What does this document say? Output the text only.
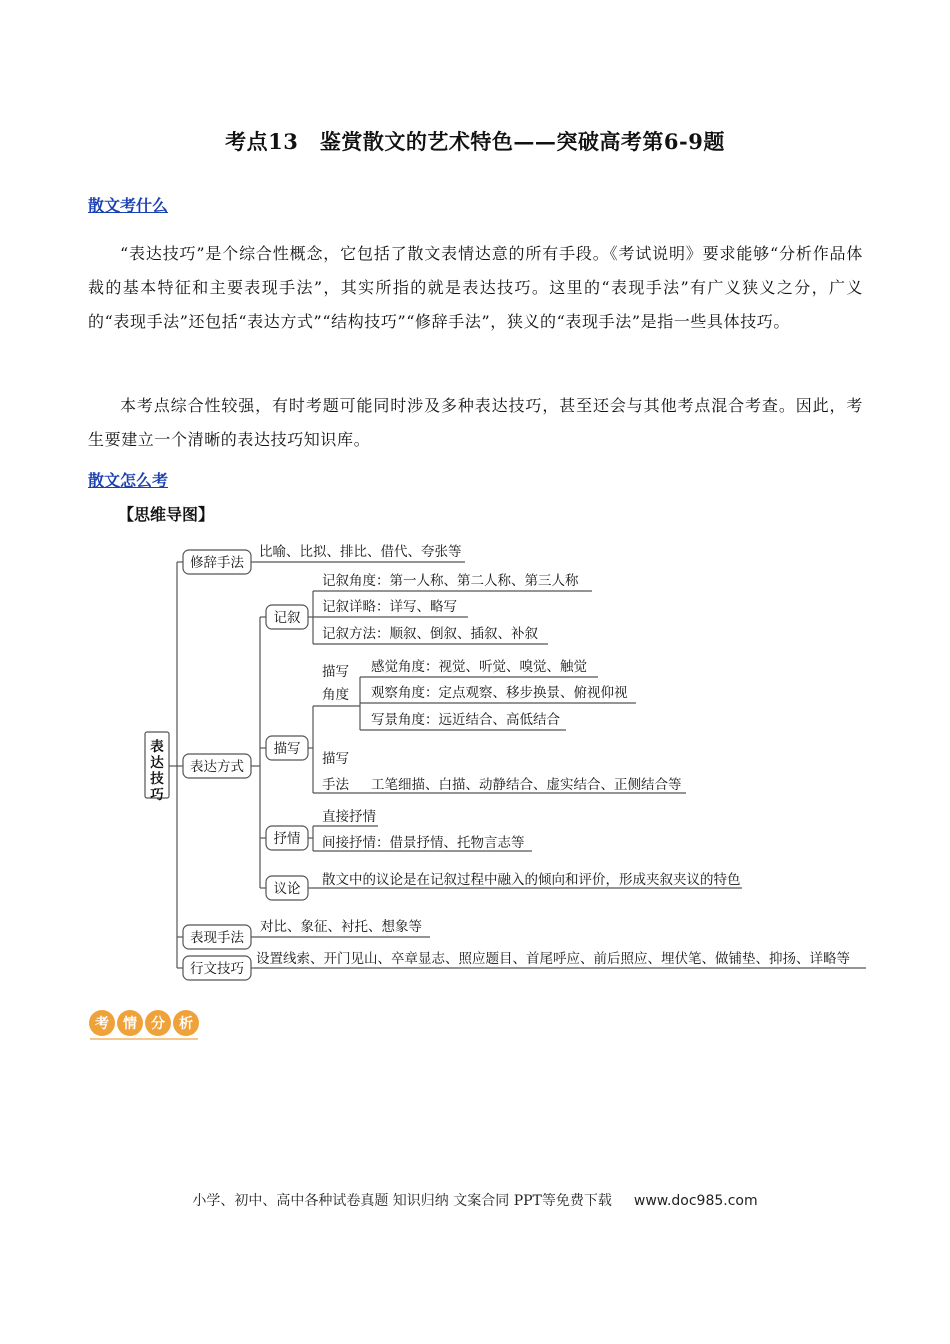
考点13　鉴赏散文的艺术特色——突破高考第6-9题
散文考什么
“表达技巧”是个综合性概念，它包括了散文表情达意的所有手段。《考试说明》要求能够“分析作品体裁的基本特征和主要表现手法”，其实所指的就是表达技巧。这里的“表现手法”有广义狭义之分，广义的“表现手法”还包括“表达方式”“结构技巧”“修辞手法”，狭义的“表现手法”是指一些具体技巧。
本考点综合性较强，有时考题可能同时涉及多种表达技巧，甚至还会与其他考点混合考查。因此，考生要建立一个清晰的表达技巧知识库。
散文怎么考
【思维导图】
表
达
技
巧
修辞手法
表达方式
表现手法
行文技巧
比喻、比拟、排比、借代、夸张等
记叙
描写
抒情
议论
记叙角度：第一人称、第二人称、第三人称
记叙详略：详写、略写
记叙方法：顺叙、倒叙、插叙、补叙
描写
角度
感觉角度：视觉、听觉、嗅觉、触觉
观察角度：定点观察、移步换景、俯视仰视
写景角度：远近结合、高低结合
描写
手法 工笔细描、白描、动静结合、虚实结合、正侧结合等
直接抒情
间接抒情：借景抒情、托物言志等
散文中的议论是在记叙过程中融入的倾向和评价，形成夹叙夹议的特色
对比、象征、衬托、想象等
设置线索、开门见山、卒章显志、照应题目、首尾呼应、前后照应、埋伏笔、做铺垫、抑扬、详略等
考 情 分 析
小学、初中、高中各种试卷真题 知识归纳 文案合同 PPT等免费下载 www.doc985.com
